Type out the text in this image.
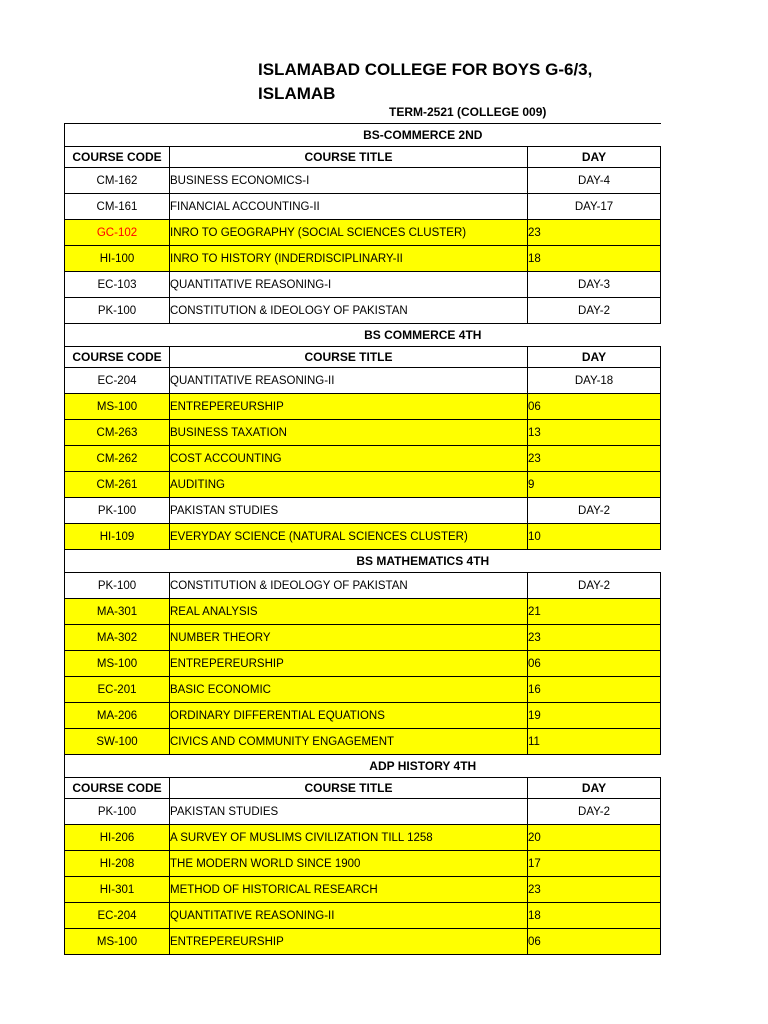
ISLAMABAD COLLEGE FOR BOYS G-6/3, ISLAMAB
TERM-2521 (COLLEGE 009)
BS-COMMERCE 2ND		
COURSE CODE	COURSE TITLE	DAY
CM-162	BUSINESS ECONOMICS-I	DAY-4
CM-161	FINANCIAL ACCOUNTING-II	DAY-17
GC-102	INRO TO GEOGRAPHY (SOCIAL SCIENCES CLUSTER)	23
HI-100	INRO TO HISTORY (INDERDISCIPLINARY-II	18
EC-103	QUANTITATIVE REASONING-I	DAY-3
PK-100	CONSTITUTION & IDEOLOGY OF PAKISTAN	DAY-2
BS COMMERCE 4TH		
COURSE CODE	COURSE TITLE	DAY
EC-204	QUANTITATIVE REASONING-II	DAY-18
MS-100	ENTREPEREURSHIP	06
CM-263	BUSINESS TAXATION	13
CM-262	COST ACCOUNTING	23
CM-261	AUDITING	9
PK-100	PAKISTAN STUDIES	DAY-2
HI-109	EVERYDAY SCIENCE (NATURAL SCIENCES CLUSTER)	10
BS MATHEMATICS 4TH		
PK-100	CONSTITUTION & IDEOLOGY OF PAKISTAN	DAY-2
MA-301	REAL ANALYSIS	21
MA-302	NUMBER THEORY	23
MS-100	ENTREPEREURSHIP	06
EC-201	BASIC ECONOMIC	16
MA-206	ORDINARY DIFFERENTIAL EQUATIONS	19
SW-100	CIVICS AND COMMUNITY ENGAGEMENT	11
ADP HISTORY 4TH		
COURSE CODE	COURSE TITLE	DAY
PK-100	PAKISTAN STUDIES	DAY-2
HI-206	A SURVEY OF MUSLIMS CIVILIZATION TILL 1258	20
HI-208	THE MODERN WORLD SINCE 1900	17
HI-301	METHOD OF HISTORICAL RESEARCH	23
EC-204	QUANTITATIVE REASONING-II	18
MS-100	ENTREPEREURSHIP	06
